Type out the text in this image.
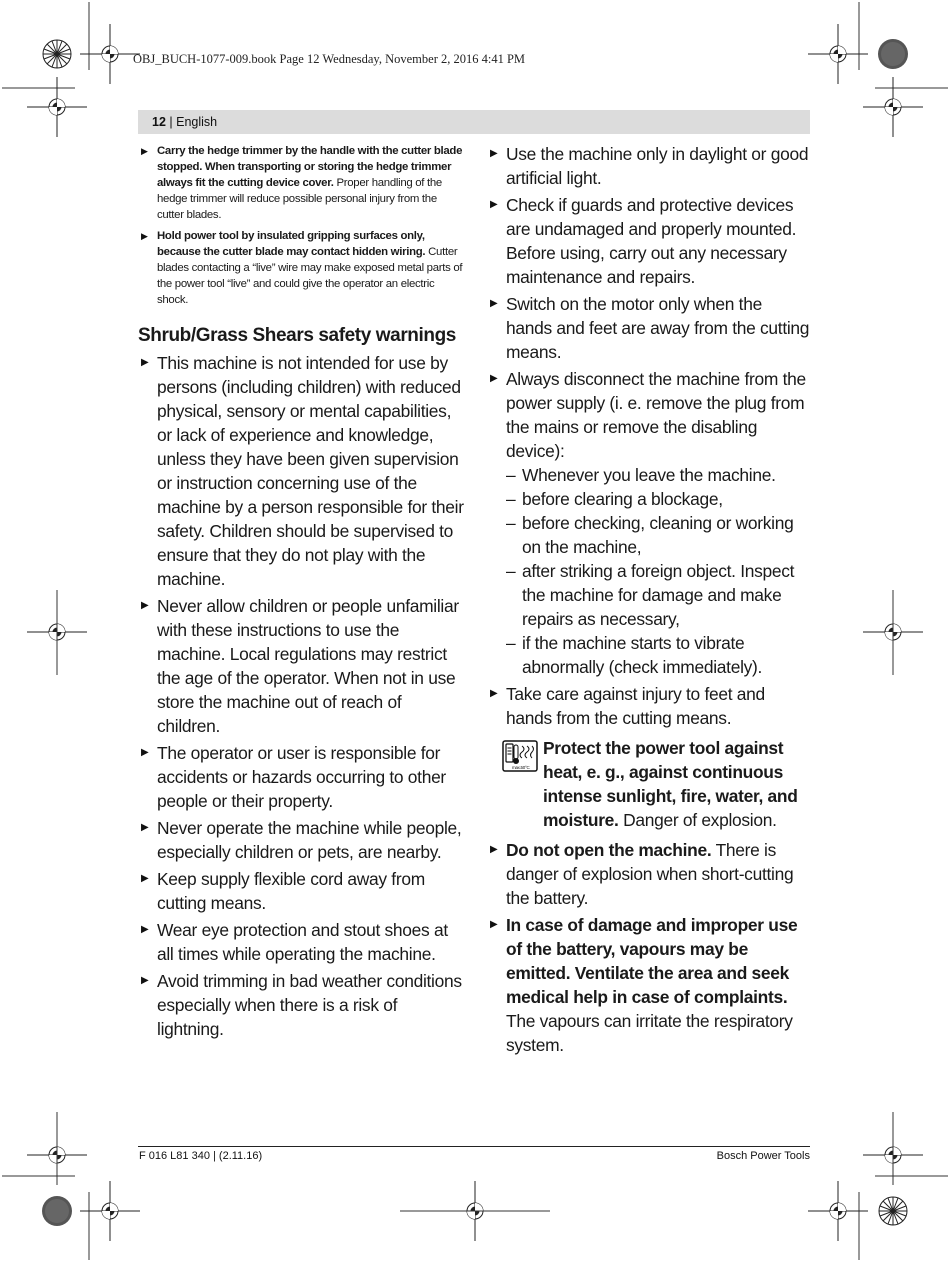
OBJ_BUCH-1077-009.book Page 12 Wednesday, November 2, 2016 4:41 PM
12 | English
▶ Carry the hedge trimmer by the handle with the cutter blade stopped. When transporting or storing the hedge trimmer always fit the cutting device cover. Proper handling of the hedge trimmer will reduce possible personal injury from the cutter blades.

▶ Hold power tool by insulated gripping surfaces only, because the cutter blade may contact hidden wiring. Cutter blades contacting a “live” wire may make exposed metal parts of the power tool “live” and could give the operator an electric shock.

Shrub/Grass Shears safety warnings
▶ This machine is not intended for use by persons (including children) with reduced physical, sensory or mental capabilities, or lack of experience and knowledge, unless they have been given supervision or instruction concerning use of the machine by a person responsible for their safety. Children should be supervised to ensure that they do not play with the machine.

▶ Never allow children or people unfamiliar with these instructions to use the machine. Local regulations may restrict the age of the operator. When not in use store the machine out of reach of children.

▶ The operator or user is responsible for accidents or hazards occurring to other people or their property.

▶ Never operate the machine while people, especially children or pets, are nearby.

▶ Keep supply flexible cord away from cutting means.

▶ Wear eye protection and stout shoes at all times while operating the machine.

▶ Avoid trimming in bad weather conditions especially when there is a risk of lightning.

▶ Use the machine only in daylight or good artificial light.

▶ Check if guards and protective devices are undamaged and properly mounted. Before using, carry out any necessary maintenance and repairs.

▶ Switch on the motor only when the hands and feet are away from the cutting means.

▶ Always disconnect the machine from the power supply (i. e. remove the plug from the mains or remove the disabling device):

– Whenever you leave the machine.
– before clearing a blockage,
– before checking, cleaning or working on the machine,
– after striking a foreign object. Inspect the machine for damage and make repairs as necessary,
– if the machine starts to vibrate abnormally (check immediately).
▶ Take care against injury to feet and hands from the cutting means.

max.50°C

Protect the power tool against heat, e. g., against continuous intense sunlight, fire, water, and moisture. Danger of explosion.

▶ Do not open the machine. There is danger of explosion when short-cutting the battery.

▶ In case of damage and improper use of the battery, vapours may be emitted. Ventilate the area and seek medical help in case of complaints. The vapours can irritate the respiratory system.

F 016 L81 340 | (2.11.16)	Bosch Power Tools
